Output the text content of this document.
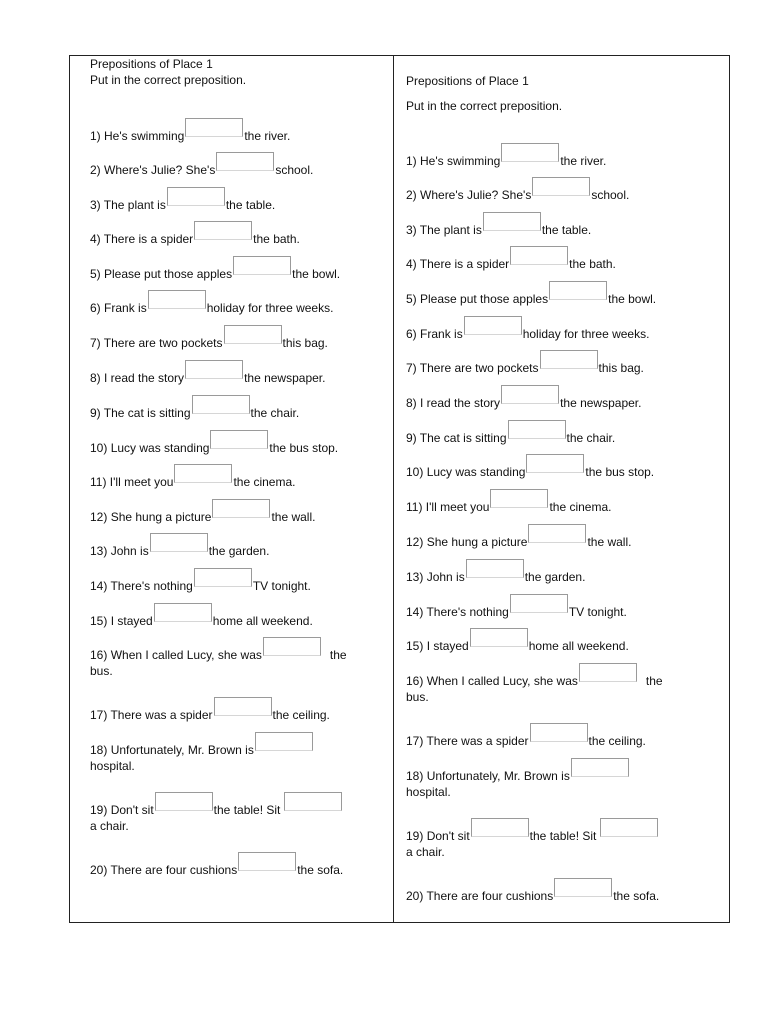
Prepositions of Place 1
Put in the correct preposition.
1) He's swimming	the river.
2) Where's Julie? She's	school.
3) The plant is	the table.
4) There is a spider	the bath.
5) Please put those apples	the bowl.
6) Frank is	holiday for three weeks.
7) There are two pockets	this bag.
8) I read the story	the newspaper.
9) The cat is sitting	the chair.
10) Lucy was standing	the bus stop.
11) I'll meet you	the cinema.
12) She hung a picture	the wall.
13) John is	the garden.
14) There's nothing	TV tonight.
15) I stayed	home all weekend.
16) When I called Lucy, she was	the
bus.
17) There was a spider	the ceiling.
18) Unfortunately, Mr. Brown is
hospital.
19) Don't sit	the table! Sit
a chair.
20) There are four cushions	the sofa.
Prepositions of Place 1
Put in the correct preposition.
1) He's swimming	the river.
2) Where's Julie? She's	school.
3) The plant is	the table.
4) There is a spider	the bath.
5) Please put those apples	the bowl.
6) Frank is	holiday for three weeks.
7) There are two pockets	this bag.
8) I read the story	the newspaper.
9) The cat is sitting	the chair.
10) Lucy was standing	the bus stop.
11) I'll meet you	the cinema.
12) She hung a picture	the wall.
13) John is	the garden.
14) There's nothing	TV tonight.
15) I stayed	home all weekend.
16) When I called Lucy, she was	the
bus.
17) There was a spider	the ceiling.
18) Unfortunately, Mr. Brown is
hospital.
19) Don't sit	the table! Sit
a chair.
20) There are four cushions	the sofa.
